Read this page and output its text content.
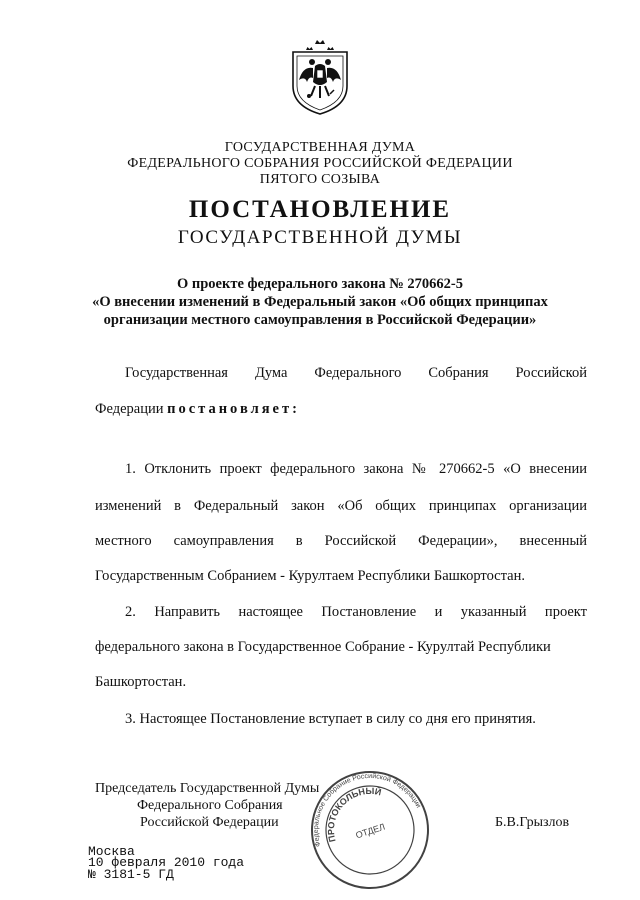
ГОСУДАРСТВЕННАЯ ДУМА
ФЕДЕРАЛЬНОГО СОБРАНИЯ РОССИЙСКОЙ ФЕДЕРАЦИИ
ПЯТОГО СОЗЫВА
ПОСТАНОВЛЕНИЕ
ГОСУДАРСТВЕННОЙ ДУМЫ
О проекте федерального закона № 270662-5
«О внесении изменений в Федеральный закон «Об общих принципах
организации местного самоуправления в Российской Федерации»
Государственная Дума Федерального Собрания Российской
Федерации постановляет:
1. Отклонить проект федерального закона № 270662-5 «О внесении
изменений в Федеральный закон «Об общих принципах организации
местного самоуправления в Российской Федерации», внесенный
Государственным Собранием - Курултаем Республики Башкортостан.
2. Направить настоящее Постановление и указанный проект
федерального закона в Государственное Собрание - Курултай Республики
Башкортостан.
3. Настоящее Постановление вступает в силу со дня его принятия.
Председатель Государственной Думы
Федерального Собрания
Российской Федерации	Б.В.Грызлов
Федеральное Собрание Российской Федерации
ПРОТОКОЛЬНЫЙ
ОТДЕЛ
Москва
10 февраля 2010 года
№ 3181-5 ГД
